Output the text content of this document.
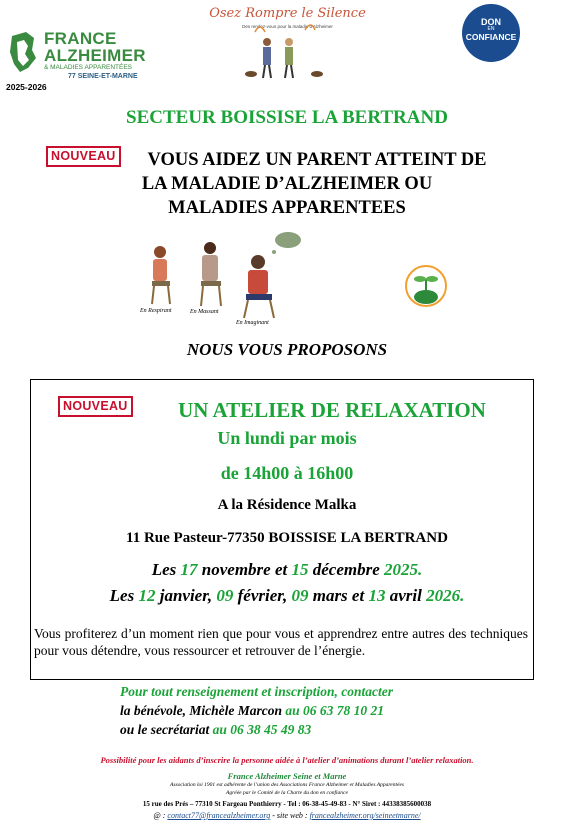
FRANCE
ALZHEIMER
& MALADIES APPARENTÉES
77 SEINE-ET-MARNE
2025-2026
Osez Rompre le Silence
Des rendez-vous pour la maladie d'Alzheimer	DON
EN
CONFIANCE
SECTEUR BOISSISE LA BERTRAND
NOUVEAU	VOUS AIDEZ UN PARENT ATTEINT DE
LA MALADIE D’ALZHEIMER OU
MALADIES APPARENTEES
En Respirant	En Massant
En Imaginant
NOUS VOUS PROPOSONS
NOUVEAU	UN ATELIER DE RELAXATION
Un lundi par mois
de 14h00 à 16h00
A la Résidence Malka
11 Rue Pasteur-77350 BOISSISE LA BERTRAND
Les 17 novembre et 15 décembre 2025.
Les 12 janvier, 09 février, 09 mars et 13 avril 2026.
Vous profiterez d’un moment rien que pour vous et apprendrez entre autres des techniques pour vous détendre, vous ressourcer et retrouver de l’énergie.
Pour tout renseignement et inscription, contacter
la bénévole, Michèle Marcon au 06 63 78 10 21
ou le secrétariat au 06 38 45 49 83
Possibilité pour les aidants d’inscrire la personne aidée à l’atelier d’animations durant l’atelier relaxation.
France Alzheimer Seine et Marne
Association loi 1901 est adhérente de l’union des Associations France Alzheimer et Maladies Apparentées
Agréée par le Comité de la Charte du don en confiance
15 rue des Prés – 77310 St Fargeau Ponthierry - Tel : 06-38-45-49-83 - N° Siret : 44338385600038
@ : contact77@francealzheimer.org - site web : francealzheimer.org/seineetmarne/
